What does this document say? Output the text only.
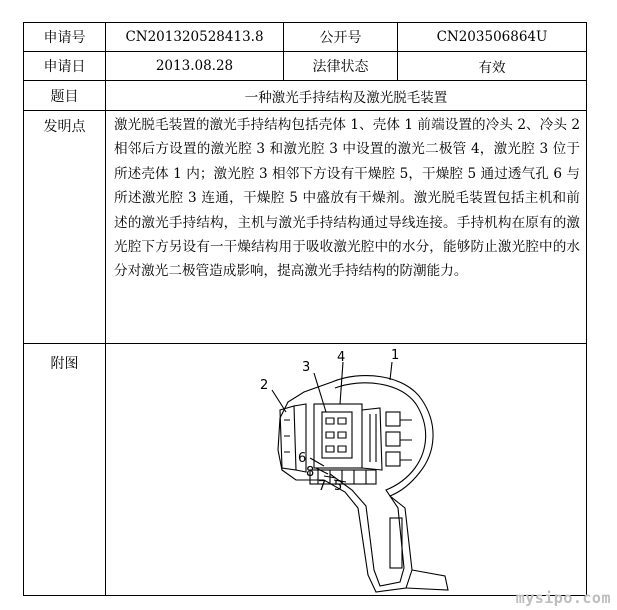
申请号	CN201320528413.8	公开号	CN203506864U
申请日	2013.08.28	法律状态	有效
题目	一种激光手持结构及激光脱毛装置
发明点	激光脱毛装置的激光手持结构包括壳体 1、壳体 1 前端设置的冷头 2、冷头 2 相邻后方设置的激光腔 3 和激光腔 3 中设置的激光二极管 4，激光腔 3 位于所述壳体 1 内；激光腔 3 相邻下方设有干燥腔 5，干燥腔 5 通过透气孔 6 与所述激光腔 3 连通，干燥腔 5 中盛放有干燥剂。激光脱毛装置包括主机和前述的激光手持结构，主机与激光手持结构通过导线连接。手持机构在原有的激光腔下方另设有一干燥结构用于吸收激光腔中的水分，能够防止激光腔中的水分对激光二极管造成影响，提高激光手持结构的防潮能力。
附图
1
2
3
4
5
6
7
8
mysipo.com
